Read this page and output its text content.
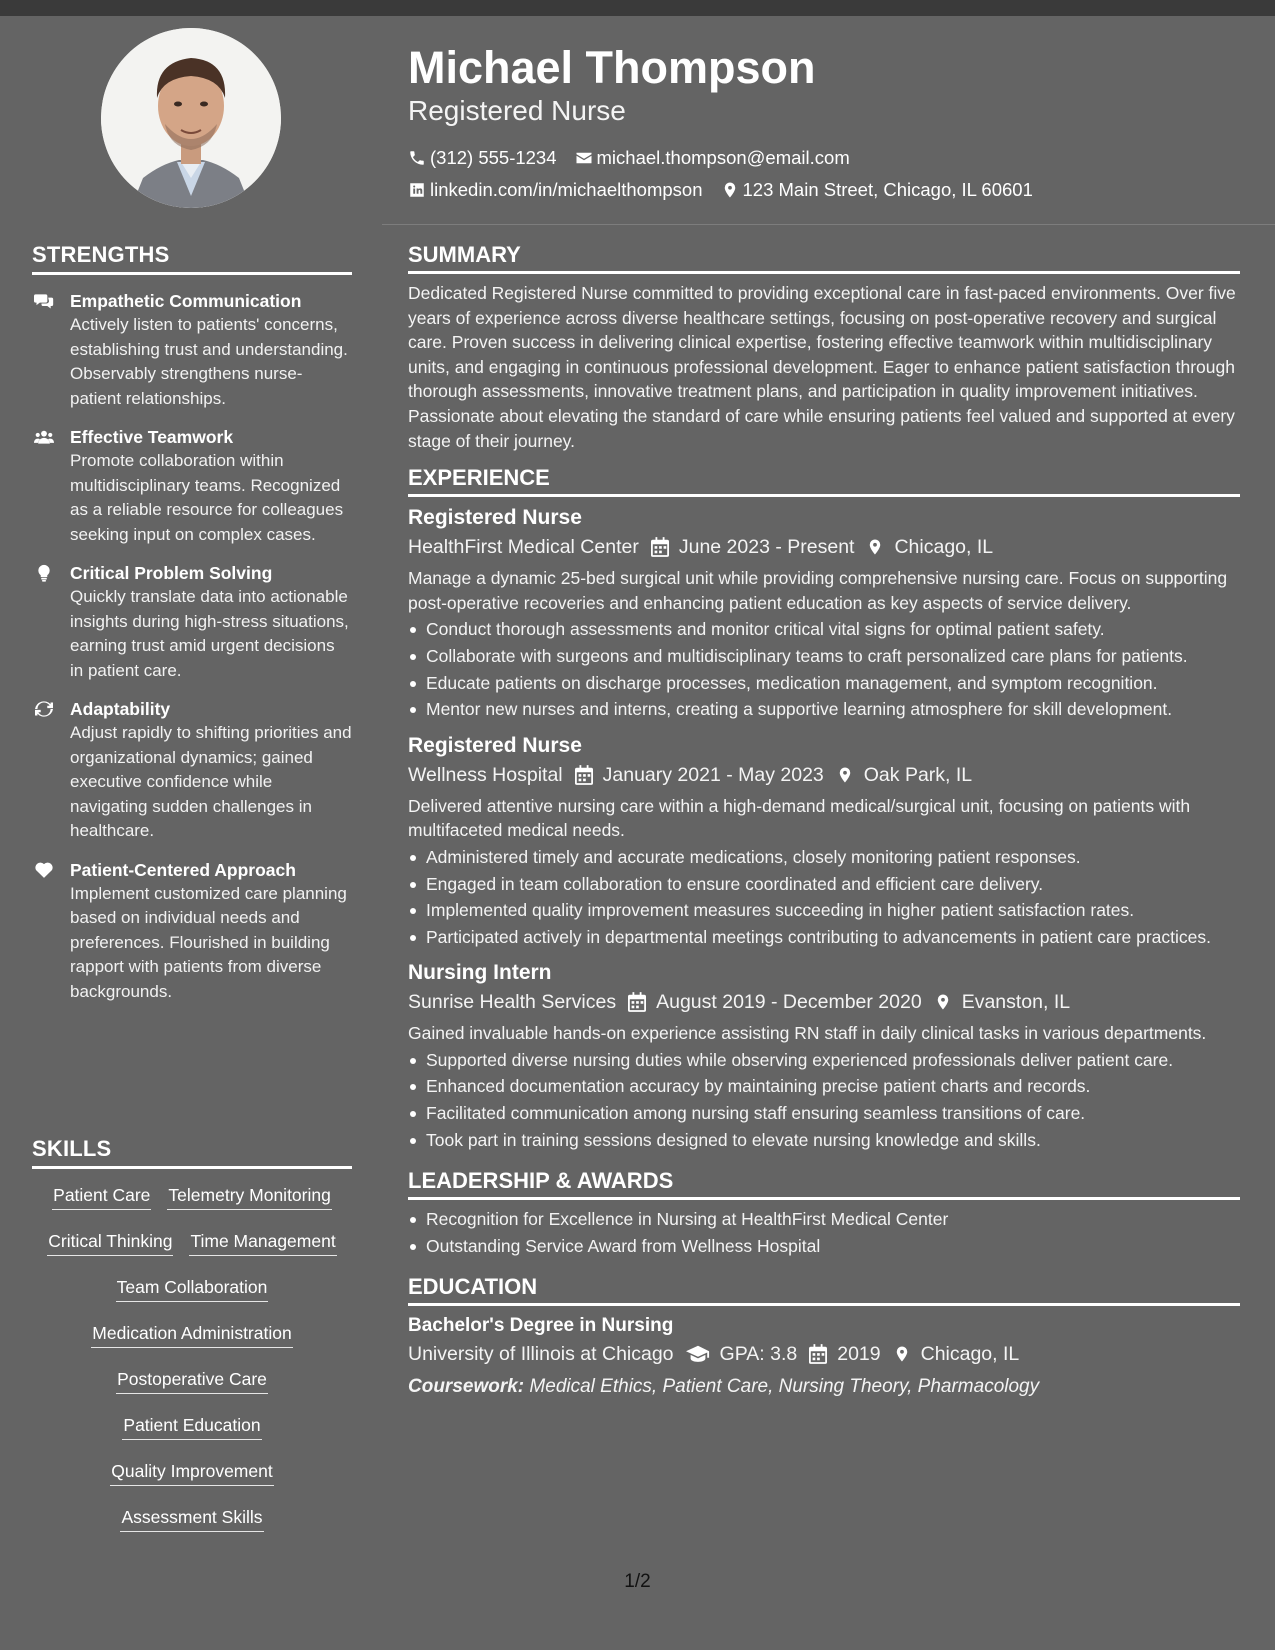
STRENGTHS
Empathetic Communication
Actively listen to patients' concerns, establishing trust and understanding. Observably strengthens nurse-patient relationships.
Effective Teamwork
Promote collaboration within multidisciplinary teams. Recognized as a reliable resource for colleagues seeking input on complex cases.
Critical Problem Solving
Quickly translate data into actionable insights during high-stress situations, earning trust amid urgent decisions in patient care.
Adaptability
Adjust rapidly to shifting priorities and organizational dynamics; gained executive confidence while navigating sudden challenges in healthcare.
Patient-Centered Approach
Implement customized care planning based on individual needs and preferences. Flourished in building rapport with patients from diverse backgrounds.
SKILLS
Patient Care Telemetry Monitoring
Critical Thinking Time Management
Team Collaboration
Medication Administration
Postoperative Care
Patient Education
Quality Improvement
Assessment Skills
Michael Thompson
Registered Nurse
(312) 555-1234 michael.thompson@email.com
linkedin.com/in/michaelthompson 123 Main Street, Chicago, IL 60601
SUMMARY
Dedicated Registered Nurse committed to providing exceptional care in fast-paced environments. Over five years of experience across diverse healthcare settings, focusing on post-operative recovery and surgical care. Proven success in delivering clinical expertise, fostering effective teamwork within multidisciplinary units, and engaging in continuous professional development. Eager to enhance patient satisfaction through thorough assessments, innovative treatment plans, and participation in quality improvement initiatives. Passionate about elevating the standard of care while ensuring patients feel valued and supported at every stage of their journey.
EXPERIENCE
Registered Nurse
HealthFirst Medical Center June 2023 - Present Chicago, IL
Manage a dynamic 25-bed surgical unit while providing comprehensive nursing care. Focus on supporting post-operative recoveries and enhancing patient education as key aspects of service delivery.
Conduct thorough assessments and monitor critical vital signs for optimal patient safety.
Collaborate with surgeons and multidisciplinary teams to craft personalized care plans for patients.
Educate patients on discharge processes, medication management, and symptom recognition.
Mentor new nurses and interns, creating a supportive learning atmosphere for skill development.
Registered Nurse
Wellness Hospital January 2021 - May 2023 Oak Park, IL
Delivered attentive nursing care within a high-demand medical/surgical unit, focusing on patients with multifaceted medical needs.
Administered timely and accurate medications, closely monitoring patient responses.
Engaged in team collaboration to ensure coordinated and efficient care delivery.
Implemented quality improvement measures succeeding in higher patient satisfaction rates.
Participated actively in departmental meetings contributing to advancements in patient care practices.
Nursing Intern
Sunrise Health Services August 2019 - December 2020 Evanston, IL
Gained invaluable hands-on experience assisting RN staff in daily clinical tasks in various departments.
Supported diverse nursing duties while observing experienced professionals deliver patient care.
Enhanced documentation accuracy by maintaining precise patient charts and records.
Facilitated communication among nursing staff ensuring seamless transitions of care.
Took part in training sessions designed to elevate nursing knowledge and skills.
LEADERSHIP & AWARDS
Recognition for Excellence in Nursing at HealthFirst Medical Center
Outstanding Service Award from Wellness Hospital
EDUCATION
Bachelor's Degree in Nursing
University of Illinois at Chicago GPA: 3.8 2019 Chicago, IL
Coursework: Medical Ethics, Patient Care, Nursing Theory, Pharmacology
1/2
